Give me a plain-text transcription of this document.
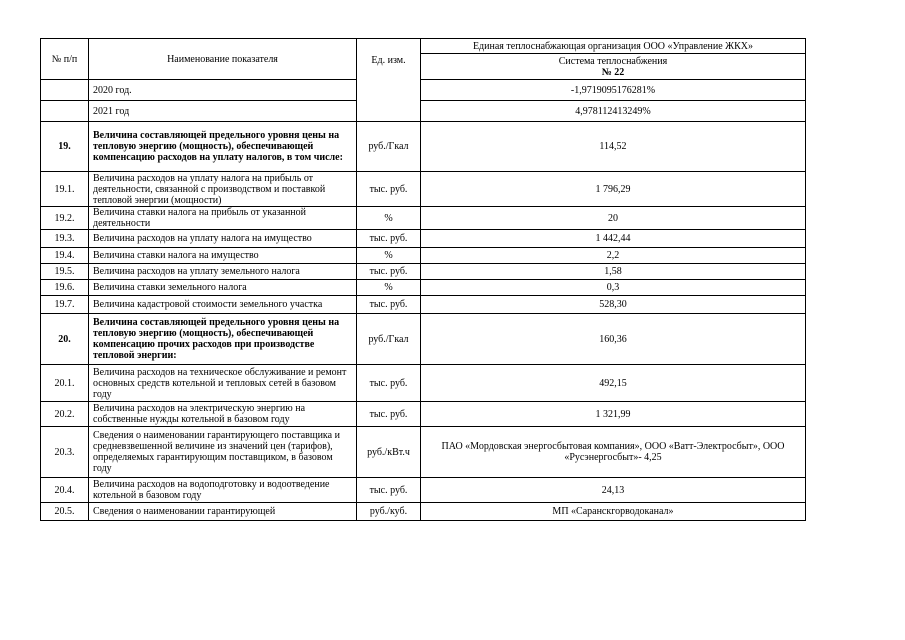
№ п/п	Наименование показателя	Ед. изм.	Единая теплоснабжающая организация ООО «Управление ЖКХ»

			Система теплоснабжения
№ 22

	2020 год.		-1,9719095176281%
	2021 год		4,978112413249%
19.	Величина составляющей предельного уровня цены на тепловую энергию (мощность), обеспечивающей компенсацию расходов на уплату налогов, в том числе:	руб./Гкал	114,52
19.1.	Величина расходов на уплату налога на прибыль от деятельности, связанной с производством и поставкой тепловой энергии (мощности)	тыс. руб.	1 796,29
19.2.	Величина ставки налога на прибыль от указанной деятельности	%	20
19.3.	Величина расходов на уплату налога на имущество	тыс. руб.	1 442,44
19.4.	Величина ставки налога на имущество	%	2,2
19.5.	Величина расходов на уплату земельного налога	тыс. руб.	1,58
19.6.	Величина ставки земельного налога	%	0,3
19.7.	Величина кадастровой стоимости земельного участка	тыс. руб.	528,30
20.	Величина составляющей предельного уровня цены на тепловую энергию (мощность), обеспечивающей компенсацию прочих расходов при производстве тепловой энергии:	руб./Гкал	160,36
20.1.	Величина расходов на техническое обслуживание и ремонт основных средств котельной и тепловых сетей в базовом году	тыс. руб.	492,15
20.2.	Величина расходов на электрическую энергию на собственные нужды котельной в базовом году	тыс. руб.	1 321,99
20.3.	Сведения о наименовании гарантирующего поставщика и средневзвешенной величине из значений цен (тарифов), определяемых гарантирующим поставщиком, в базовом году	руб./кВт.ч	ПАО «Мордовская энергосбытовая компания», ООО «Ватт-Электросбыт», ООО «Русэнергосбыт»- 4,25
20.4.	Величина расходов на водоподготовку и водоотведение котельной в базовом году	тыс. руб.	24,13
20.5.	Сведения о наименовании гарантирующей	руб./куб.	МП «Саранскгорводоканал»
